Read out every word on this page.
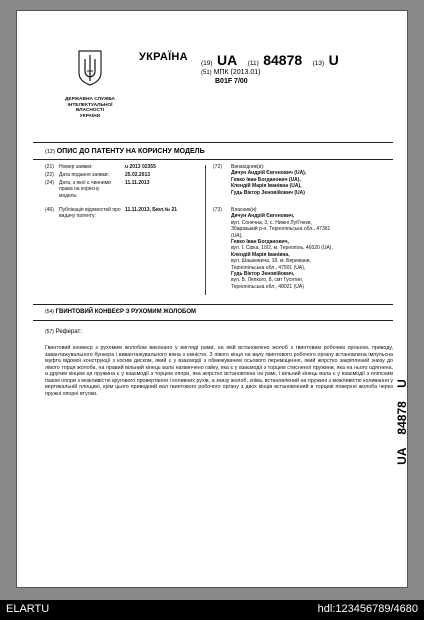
ДЕРЖАВНА СЛУЖБА
ІНТЕЛЕКТУАЛЬНОЇ
ВЛАСНОСТІ
УКРАЇНИ
УКРАЇНА
(19) UA (11) 84878 (13) U
(51) МПК (2013.01)
B01F 7/00
(12) ОПИС ДО ПАТЕНТУ НА КОРИСНУ МОДЕЛЬ
(21) Номер заявки:	u 2013 02355
(22) Дата подання заявки:	25.02.2013
(24) Дата, з якої є чинними права на корисну модель:
11.11.2013
(46) Публікація відомостей про видачу патенту:
11.11.2013, Бюл.№ 21
(72) Винахідник(и):
Дячун Андрій Євгенович (UA),
Гевко Іван Богданович (UA),
Клендій Марія Іванівна (UA),
Гудь Віктор Зеновійович (UA)
(73) Власник(и):
Дячун Андрій Євгенович,
вул. Сонячна, 3, с. Нижні Луб'янки,
Збаразький р-н, Тернопільська обл., 47361
(UA),
Гевко Іван Богданович,
вул. І. Сірка, 10/2, м. Тернопіль, 46020 (UA),
Клендій Марія Іванівна,
вул. Шашкевича, 18, м. Бережани,
Тернопільська обл., 47501 (UA),
Гудь Віктор Зеновійович,
вул. Б. Лепкого, 8, смт Гусятин,
Тернопільська обл., 48021 (UA)
(54) ГВИНТОВИЙ КОНВЕЄР З РУХОМИМ ЖОЛОБОМ
(57) Реферат:

Гвинтовий конвеєр з рухомим жолобом виконано у вигляді рами, на якій встановлено жолоб з гвинтовим робочим органом, приводу, завантажувального бункера і вивантажувального вікна з ємністю. З лівого кінця на валу гвинтового робочого органу встановлена імпульсна муфта відомої конструкції з косим диском, який є у взаємодії з обмежувачем осьового переміщення, який жорстко закріплений знизу до лівого торця жолоба, на правий вільний кінець вала нагвинчено гайку, яка є у взаємодії з торцем стисненої пружини, яка на нього одягнена, а другим кінцем ця пружина є у взаємодії з торцем опори, яка жорстко встановлена на рамі, і вільний кінець вала є у взаємодії з еліпсним пазом опори з можливістю кругового провертання і коливних рухів, а знизу жолоб, зліва, встановлений на пружині з можливістю коливання у вертикальній площині, крім цього приводний вал гвинтового робочого органу з двох кінців встановлений в торцеві поверхні жолоба через пружні опорні втулки.

UA    84878    U
ELARTU	hdl:123456789/4680
